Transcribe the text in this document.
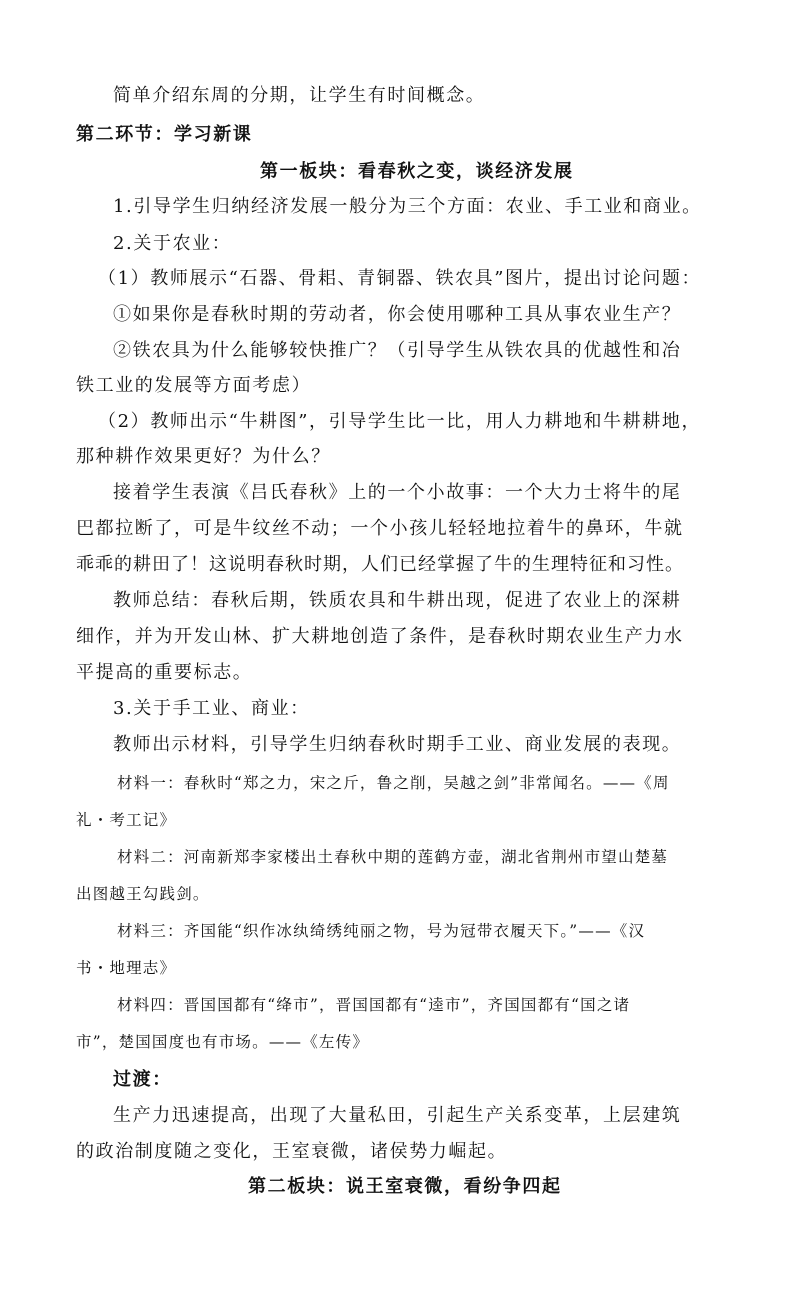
简单介绍东周的分期，让学生有时间概念。
第二环节：学习新课
第一板块：看春秋之变，谈经济发展
1.引导学生归纳经济发展一般分为三个方面：农业、手工业和商业。
2.关于农业：
（1）教师展示“石器、骨耜、青铜器、铁农具”图片，提出讨论问题：
①如果你是春秋时期的劳动者，你会使用哪种工具从事农业生产？
②铁农具为什么能够较快推广？（引导学生从铁农具的优越性和冶
铁工业的发展等方面考虑）
（2）教师出示“牛耕图”，引导学生比一比，用人力耕地和牛耕耕地，
那种耕作效果更好？为什么？
接着学生表演《吕氏春秋》上的一个小故事：一个大力士将牛的尾
巴都拉断了，可是牛纹丝不动；一个小孩儿轻轻地拉着牛的鼻环，牛就
乖乖的耕田了！这说明春秋时期，人们已经掌握了牛的生理特征和习性。
教师总结：春秋后期，铁质农具和牛耕出现，促进了农业上的深耕
细作，并为开发山林、扩大耕地创造了条件，是春秋时期农业生产力水
平提高的重要标志。
3.关于手工业、商业：
教师出示材料，引导学生归纳春秋时期手工业、商业发展的表现。
材料一：春秋时“郑之力，宋之斤，鲁之削，吴越之剑”非常闻名。——《周
礼・考工记》
材料二：河南新郑李家楼出土春秋中期的莲鹤方壶，湖北省荆州市望山楚墓
出图越王勾践剑。
材料三：齐国能“织作冰纨绮绣纯丽之物，号为冠带衣履天下。”——《汉
书・地理志》
材料四：晋国国都有“绛市”，晋国国都有“逵市”，齐国国都有“国之诸
市”，楚国国度也有市场。——《左传》
过渡：
生产力迅速提高，出现了大量私田，引起生产关系变革，上层建筑
的政治制度随之变化，王室衰微，诸侯势力崛起。
第二板块：说王室衰微，看纷争四起
